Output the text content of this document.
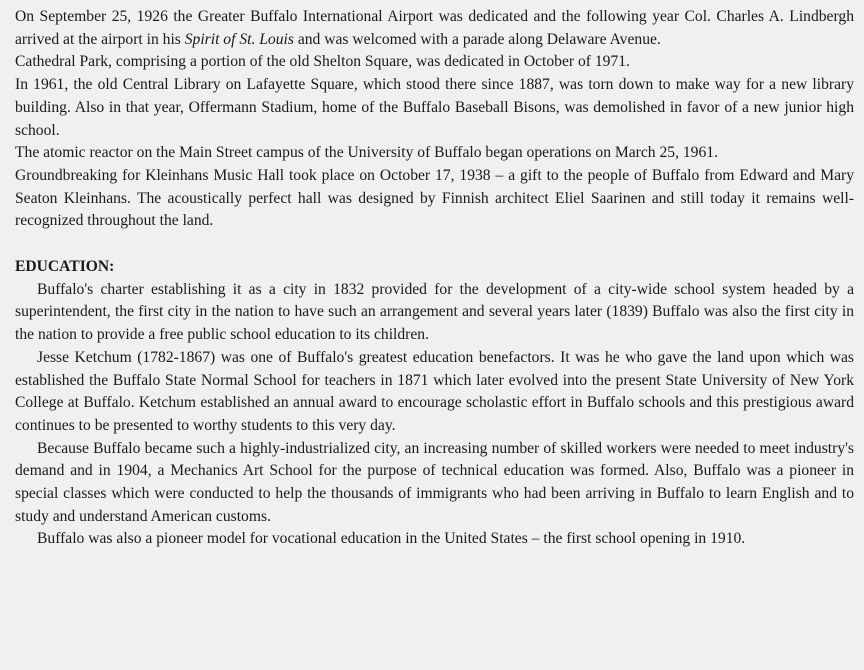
On September 25, 1926 the Greater Buffalo International Airport was dedicated and the following year Col. Charles A. Lindbergh arrived at the airport in his Spirit of St. Louis and was welcomed with a parade along Delaware Avenue.

Cathedral Park, comprising a portion of the old Shelton Square, was dedicated in October of 1971.

In 1961, the old Central Library on Lafayette Square, which stood there since 1887, was torn down to make way for a new library building. Also in that year, Offermann Stadium, home of the Buffalo Baseball Bisons, was demolished in favor of a new junior high school.

The atomic reactor on the Main Street campus of the University of Buffalo began operations on March 25, 1961.

Groundbreaking for Kleinhans Music Hall took place on October 17, 1938 – a gift to the people of Buffalo from Edward and Mary Seaton Kleinhans. The acoustically perfect hall was designed by Finnish architect Eliel Saarinen and still today it remains well-recognized throughout the land.

EDUCATION:

Buffalo's charter establishing it as a city in 1832 provided for the development of a city-wide school system headed by a superintendent, the first city in the nation to have such an arrangement and several years later (1839) Buffalo was also the first city in the nation to provide a free public school education to its children.

Jesse Ketchum (1782-1867) was one of Buffalo's greatest education benefactors. It was he who gave the land upon which was established the Buffalo State Normal School for teachers in 1871 which later evolved into the present State University of New York College at Buffalo. Ketchum established an annual award to encourage scholastic effort in Buffalo schools and this prestigious award continues to be presented to worthy students to this very day.

Because Buffalo became such a highly-industrialized city, an increasing number of skilled workers were needed to meet industry's demand and in 1904, a Mechanics Art School for the purpose of technical education was formed. Also, Buffalo was a pioneer in special classes which were conducted to help the thousands of immigrants who had been arriving in Buffalo to learn English and to study and understand American customs.

Buffalo was also a pioneer model for vocational education in the United States – the first school opening in 1910.
